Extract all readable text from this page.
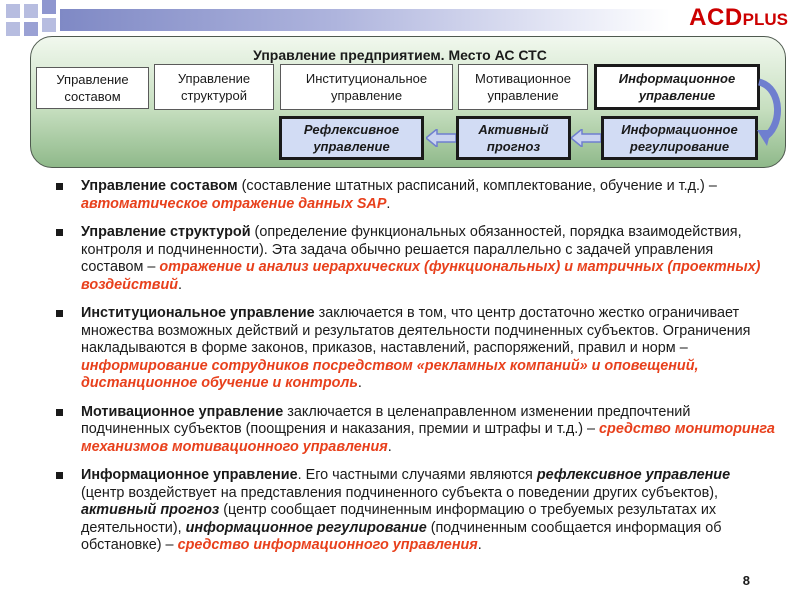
ACDPLUS
Управление предприятием. Место АС СТС
Управление составом
Управление структурой
Институциональное управление
Мотивационное управление
Информационное управление
Рефлексивное управление
Активный прогноз
Информационное регулирование
Управление составом (составление штатных расписаний, комплектование, обучение и т.д.) – автоматическое отражение данных SAP.
Управление структурой (определение функциональных обязанностей, порядка взаимодействия, контроля и подчиненности). Эта задача обычно решается параллельно с задачей управления составом – отражение и анализ иерархических (функциональных) и матричных (проектных) воздействий.
Институциональное управление заключается в том, что центр достаточно жестко ограничивает множества возможных действий и результатов деятельности подчиненных субъектов. Ограничения накладываются в форме законов, приказов, наставлений, распоряжений, правил и норм – информирование сотрудников посредством «рекламных компаний» и оповещений, дистанционное обучение и контроль.
Мотивационное управление заключается в целенаправленном изменении предпочтений подчиненных субъектов (поощрения и наказания, премии и штрафы и т.д.) – средство мониторинга механизмов мотивационного управления.
Информационное управление. Его частными случаями являются рефлексивное управление (центр воздействует на представления подчиненного субъекта о поведении других субъектов), активный прогноз (центр сообщает подчиненным информацию о требуемых результатах их деятельности), информационное регулирование (подчиненным сообщается информация об обстановке) – средство информационного управления.
8
